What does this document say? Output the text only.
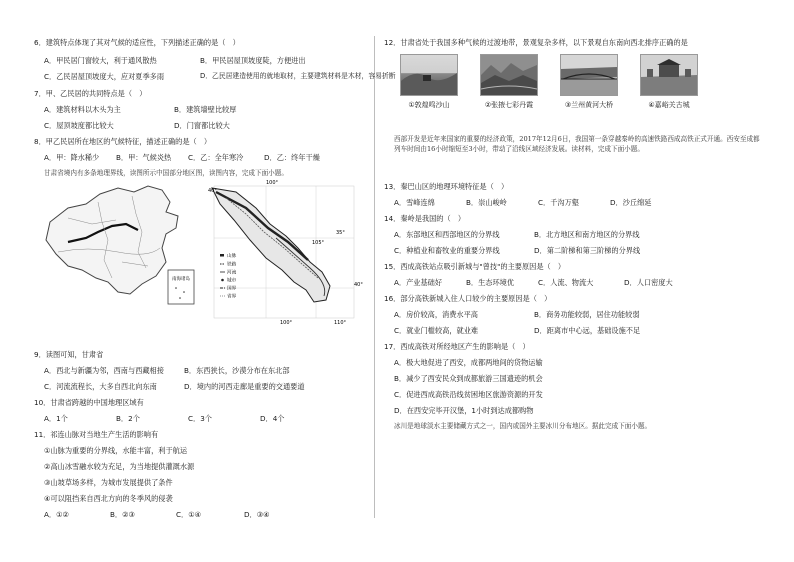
6．建筑特点体现了其对气候的适应性，下列描述正确的是（　）
A．甲民居门窗较大，利于通风散热	B．甲民居屋顶坡度陡，方便进出
C．乙民居屋顶坡度大，应对夏季多雨	D．乙民居建造使用的就地取材，主要建筑材料是木材，容易折断
7．甲、乙民居的共同特点是（　）
A．建筑材料以木头为主	B．建筑墙壁比较厚
C．屋顶坡度都比较大	D．门窗都比较大
8．甲乙民居所在地区的气候特征，描述正确的是（　）
A．甲：降水稀少 B．甲：气候炎热 C．乙：全年寒冷	D．乙：终年干燥
甘肃省境内有多条地理界线，读图所示中国部分地区图，读图内容，完成下面小题。
南海诸岛
山脉
铁路
河流
城市
国界
省界
40°
100°
35°
105°
40°
100°	110°
9．读图可知，甘肃省
A．西北与新疆为邻，西南与西藏相接	B．东西狭长，沙漠分布在东北部
C．河流流程长，大多自西北向东南	D．境内的河西走廊是重要的交通要道
10．甘肃省跨越的中国地理区域有
A．1个	B．2个	C．3个	D．4个
11．祁连山脉对当地生产生活的影响有
①山脉为重要的分界线，水能丰富，利于航运
②高山冰雪融水较为充足，为当地提供灌溉水源
③山坡草场多样，为城市发展提供了条件
④可以阻挡来自西北方向的冬季风的侵袭
A．①②	B．②③	C．①④	D．③④
12．甘肃省处于我国多种气候的过渡地带，景观复杂多样，以下景观自东南向西北排序正确的是
①敦煌鸣沙山	②张掖七彩丹霞	③兰州黄河大桥	④嘉峪关古城
西部开发是近年来国家的重要的经济政策，2017年12月6日，我国第一条穿越秦岭的高速铁路西成高铁正式开通。西安至成都列车时间由16小时缩短至3小时，带动了沿线区域经济发展。读材料，完成下面小题。
13．秦巴山区的地理环境特征是（　）
A．雪峰连绵	B．崇山峻岭	C．千沟万壑	D．沙丘绵延
14．秦岭是我国的（　）
A．东部地区和西部地区的分界线	B．北方地区和南方地区的分界线
C．种植业和畜牧业的重要分界线	D．第二阶梯和第三阶梯的分界线
15．西成高铁站点吸引新城与"曾技"的主要原因是（　）
A．产业基础好	B．生态环境优	C．人流、物流大	D．人口密度大
16．部分高铁新城入住人口较少的主要原因是（　）
A．房价较高，消费水平高	B．商务功能较弱，居住功能较弱
C．就业门槛较高，就业难	D．距离市中心远，基础设施不足
17．西成高铁对所经地区产生的影响是（　）
A．极大地促进了西安，成都两地间的货物运输
B．减少了西安民众到成都旅游三国遗迹的机会
C．促进西成高铁沿线贫困地区旅游资源的开发
D．在西安完毕开汉堡，1小时到达成都购物
冰川是地球淡水主要储藏方式之一，国内或国外主要冰川分布地区。据此完成下面小题。
